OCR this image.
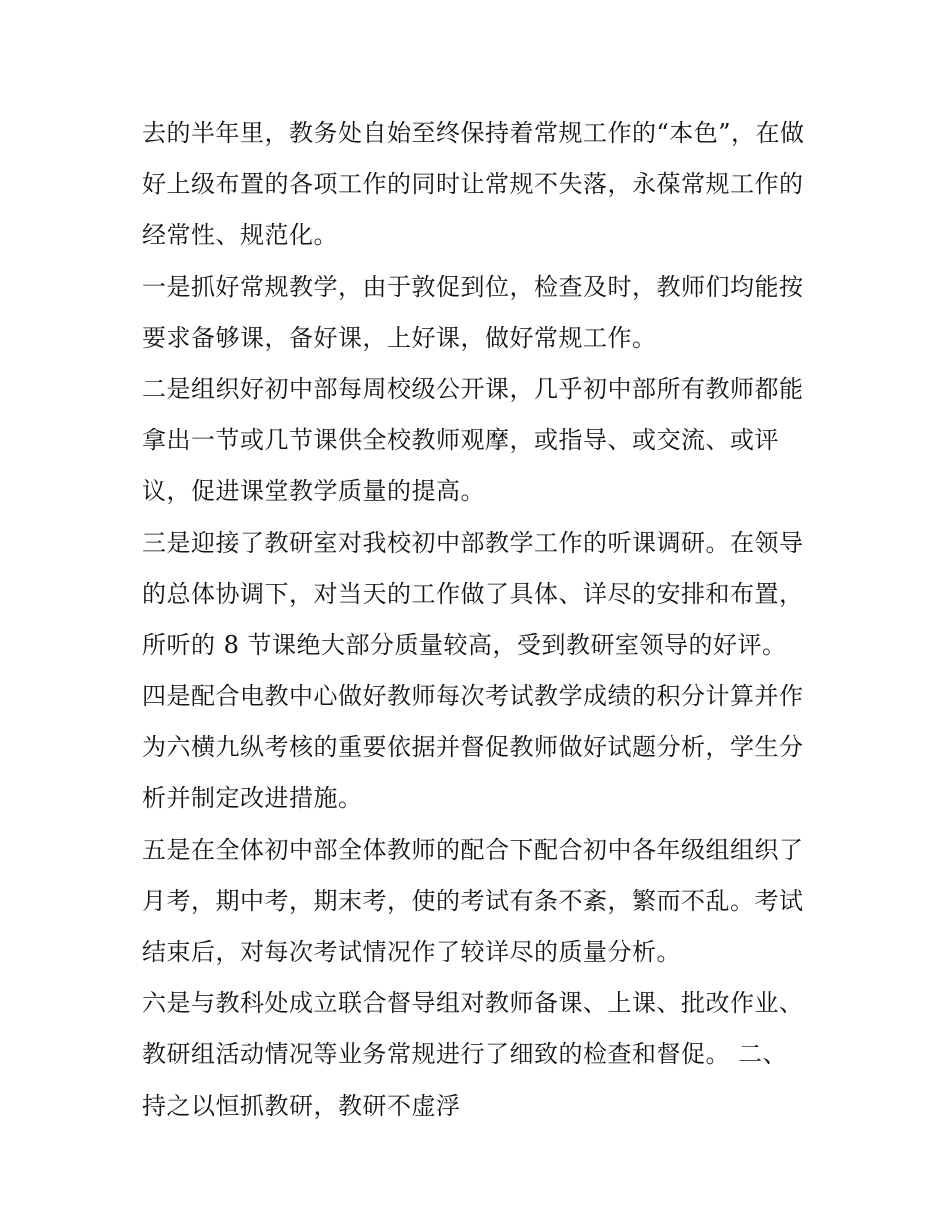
去的半年里，教务处自始至终保持着常规工作的“本色”，在做
好上级布置的各项工作的同时让常规不失落，永葆常规工作的
经常性、规范化。
一是抓好常规教学，由于敦促到位，检查及时，教师们均能按
要求备够课，备好课，上好课，做好常规工作。
二是组织好初中部每周校级公开课，几乎初中部所有教师都能
拿出一节或几节课供全校教师观摩，或指导、或交流、或评
议，促进课堂教学质量的提高。
三是迎接了教研室对我校初中部教学工作的听课调研。在领导
的总体协调下，对当天的工作做了具体、详尽的安排和布置，
所听的 8 节课绝大部分质量较高，受到教研室领导的好评。
四是配合电教中心做好教师每次考试教学成绩的积分计算并作
为六横九纵考核的重要依据并督促教师做好试题分析，学生分
析并制定改进措施。
五是在全体初中部全体教师的配合下配合初中各年级组组织了
月考，期中考，期末考，使的考试有条不紊，繁而不乱。考试
结束后，对每次考试情况作了较详尽的质量分析。
六是与教科处成立联合督导组对教师备课、上课、批改作业、
教研组活动情况等业务常规进行了细致的检查和督促。 二、
持之以恒抓教研，教研不虚浮
